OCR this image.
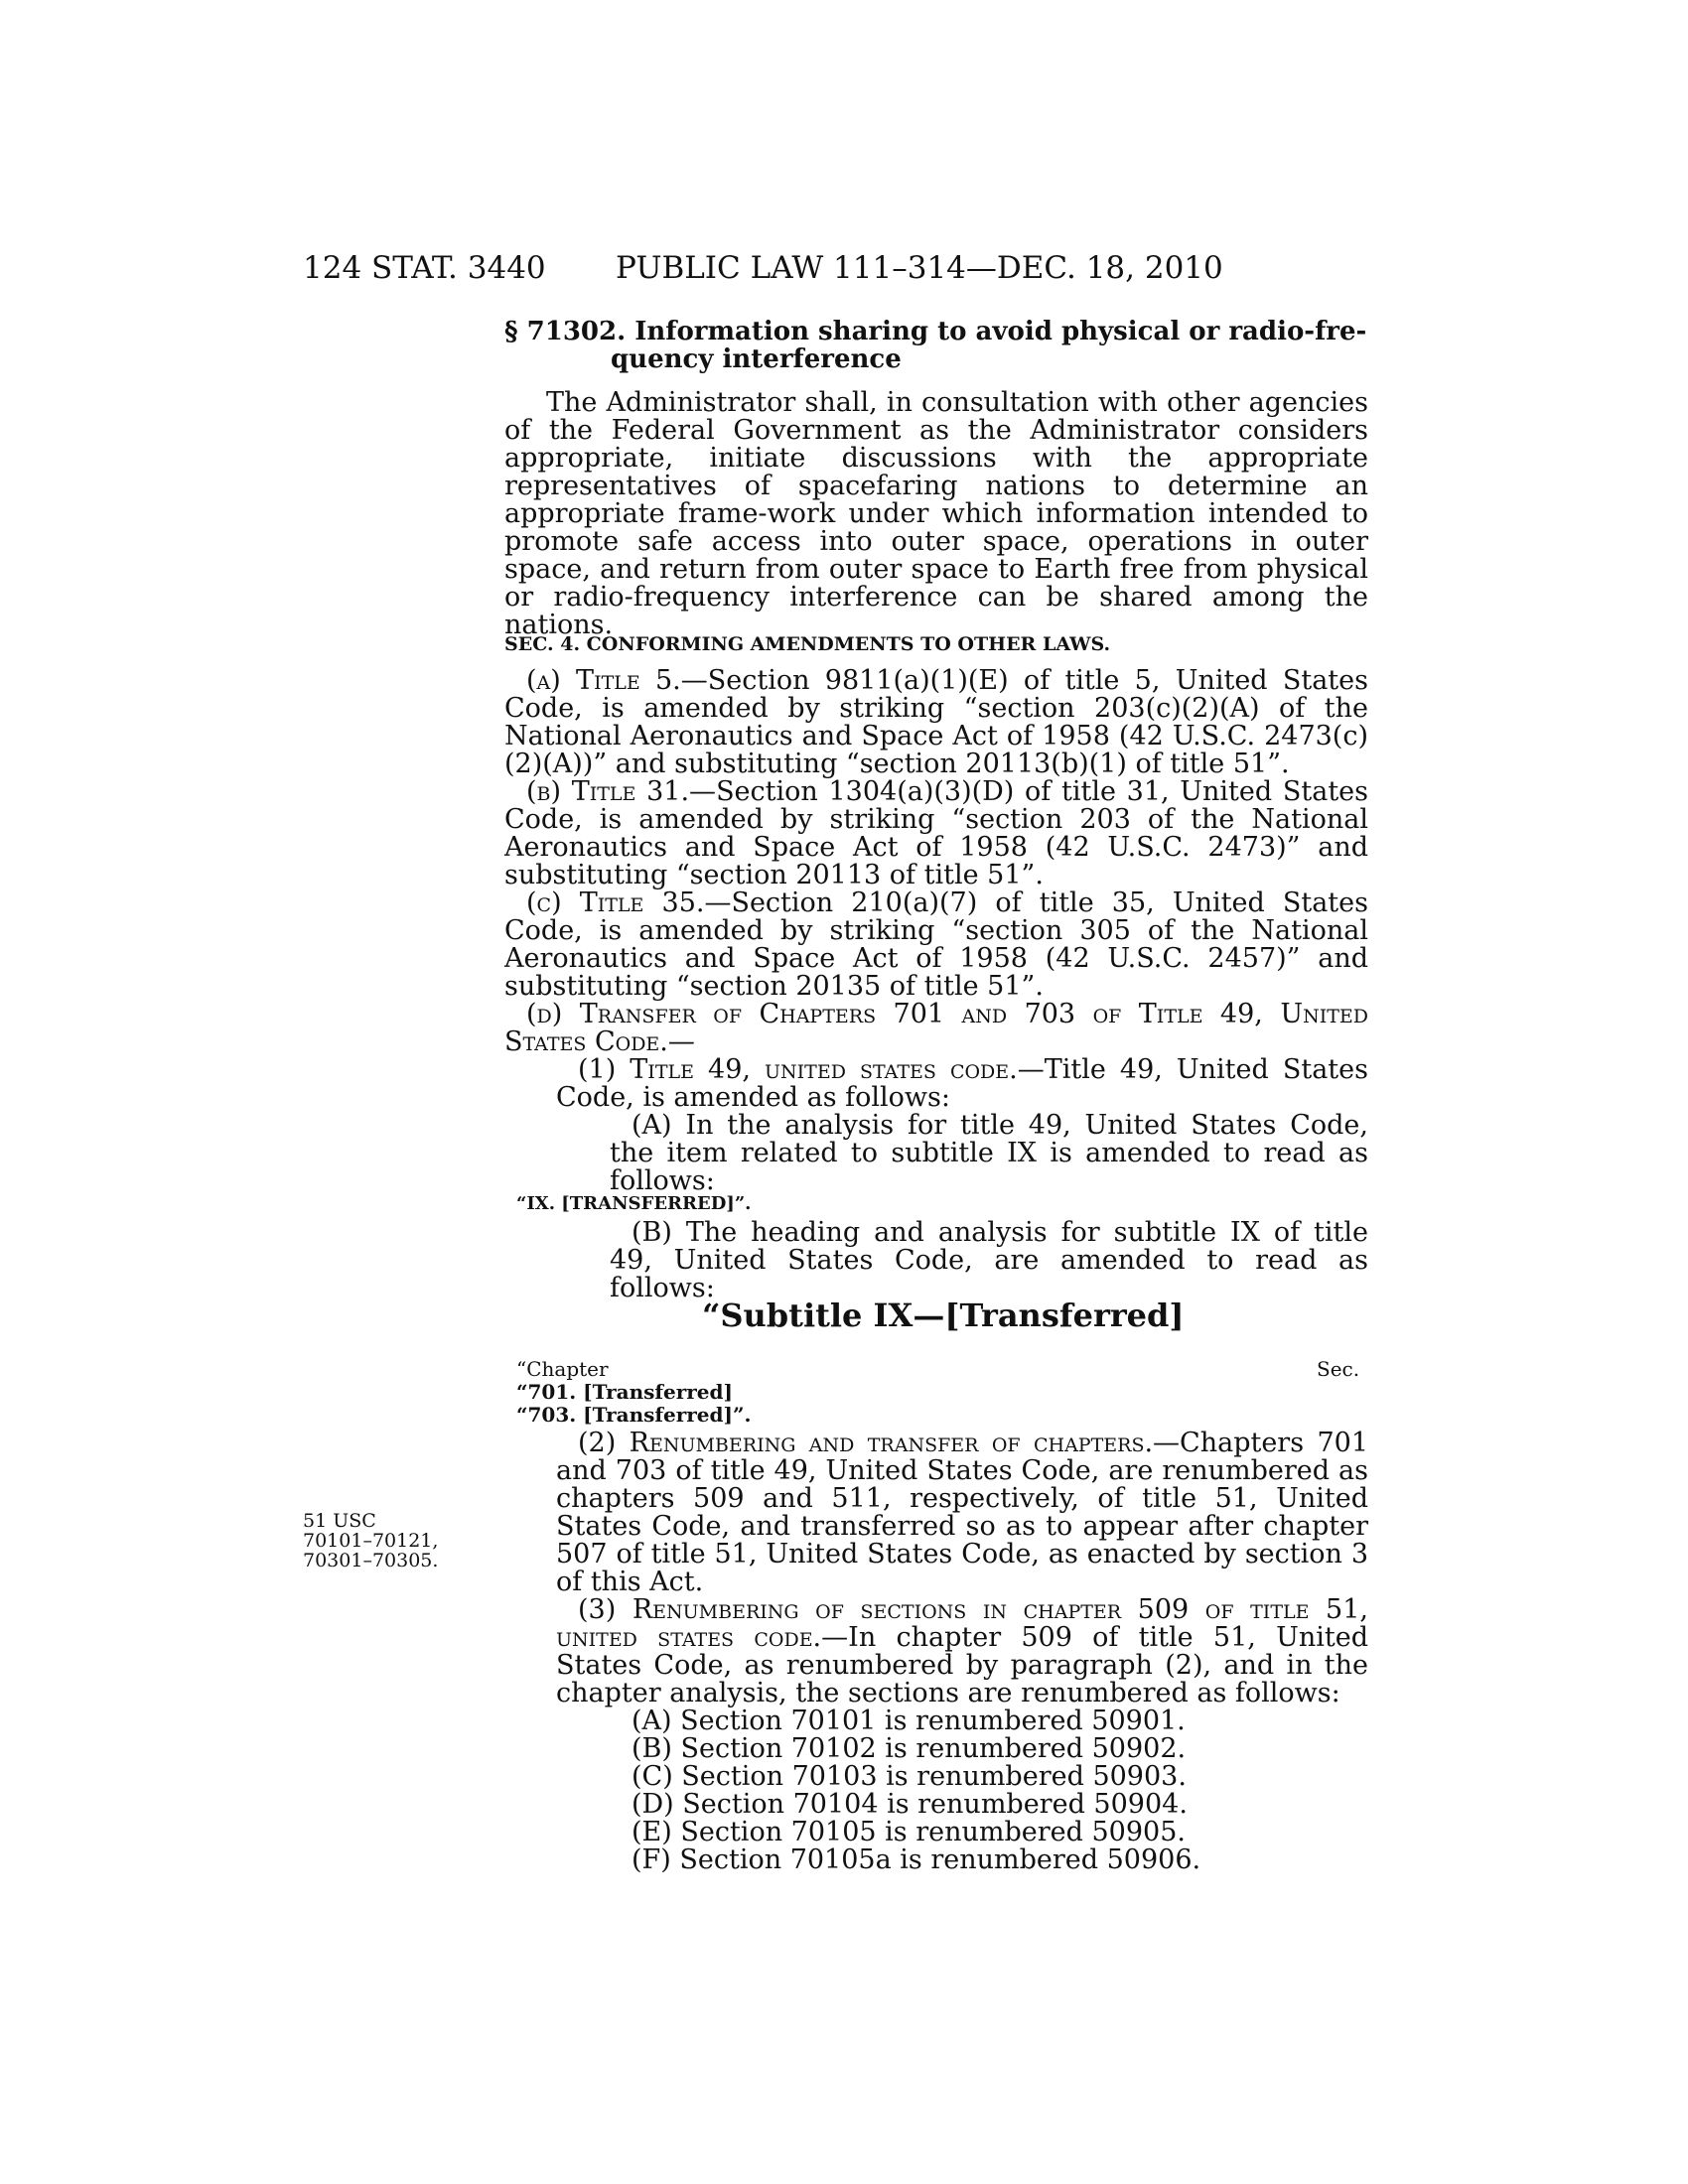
124 STAT. 3440 PUBLIC LAW 111–314—DEC. 18, 2010
§ 71302. Information sharing to avoid physical or radio-fre-
quency interference

The Administrator shall, in consultation with other agencies of the Federal Government as the Administrator considers appropriate, initiate discussions with the appropriate representatives of spacefaring nations to determine an appropriate frame-work under which information intended to promote safe access into outer space, operations in outer space, and return from outer space to Earth free from physical or radio-frequency interference can be shared among the nations.

SEC. 4. CONFORMING AMENDMENTS TO OTHER LAWS.

(a) Title 5.—Section 9811(a)(1)(E) of title 5, United States Code, is amended by striking “section 203(c)(2)(A) of the National Aeronautics and Space Act of 1958 (42 U.S.C. 2473(c)(2)(A))” and substituting “section 20113(b)(1) of title 51”.

(b) Title 31.—Section 1304(a)(3)(D) of title 31, United States Code, is amended by striking “section 203 of the National Aeronautics and Space Act of 1958 (42 U.S.C. 2473)” and substituting “section 20113 of title 51”.

(c) Title 35.—Section 210(a)(7) of title 35, United States Code, is amended by striking “section 305 of the National Aeronautics and Space Act of 1958 (42 U.S.C. 2457)” and substituting “section 20135 of title 51”.

(d) Transfer of Chapters 701 and 703 of Title 49, United States Code.—

(1) Title 49, united states code.—Title 49, United States Code, is amended as follows:

(A) In the analysis for title 49, United States Code, the item related to subtitle IX is amended to read as follows:

“IX. [TRANSFERRED]”.

(B) The heading and analysis for subtitle IX of title 49, United States Code, are amended to read as follows:

“Subtitle IX—[Transferred]
“Chapter	Sec.
“701. [Transferred]
“703. [Transferred]”.

(2) Renumbering and transfer of chapters.—Chapters 701 and 703 of title 49, United States Code, are renumbered as chapters 509 and 511, respectively, of title 51, United States Code, and transferred so as to appear after chapter 507 of title 51, United States Code, as enacted by section 3 of this Act.

51 USC
70101–70121,
70301–70305.

(3) Renumbering of sections in chapter 509 of title 51, united states code.—In chapter 509 of title 51, United States Code, as renumbered by paragraph (2), and in the chapter analysis, the sections are renumbered as follows:

(A) Section 70101 is renumbered 50901.
(B) Section 70102 is renumbered 50902.
(C) Section 70103 is renumbered 50903.
(D) Section 70104 is renumbered 50904.
(E) Section 70105 is renumbered 50905.
(F) Section 70105a is renumbered 50906.
